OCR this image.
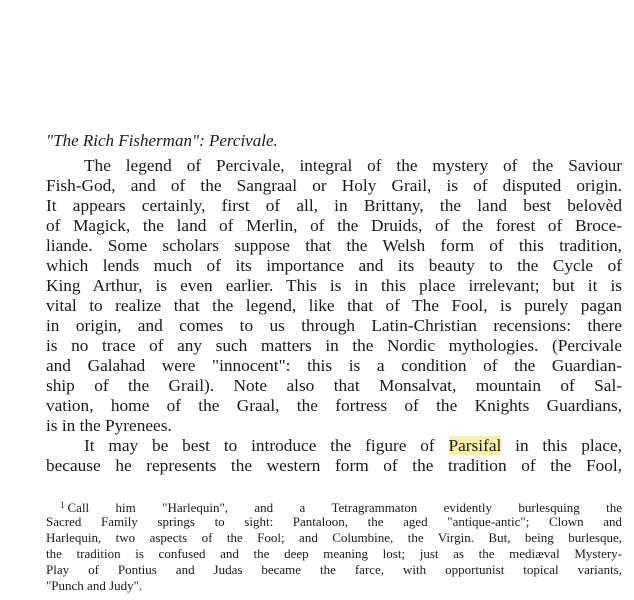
"The Rich Fisherman": Percivale.
The legend of Percivale, integral of the mystery of the Saviour
Fish-God, and of the Sangraal or Holy Grail, is of disputed origin.
It appears certainly, first of all, in Brittany, the land best belovèd
of Magick, the land of Merlin, of the Druids, of the forest of Broce-
liande. Some scholars suppose that the Welsh form of this tradition,
which lends much of its importance and its beauty to the Cycle of
King Arthur, is even earlier. This is in this place irrelevant; but it is
vital to realize that the legend, like that of The Fool, is purely pagan
in origin, and comes to us through Latin-Christian recensions: there
is no trace of any such matters in the Nordic mythologies. (Percivale
and Galahad were "innocent": this is a condition of the Guardian-
ship of the Grail). Note also that Monsalvat, mountain of Sal-
vation, home of the Graal, the fortress of the Knights Guardians,
is in the Pyrenees.
It may be best to introduce the figure of Parsifal in this place,
because he represents the western form of the tradition of the Fool,
$^1$ Call him "Harlequin", and a Tetragrammaton evidently burlesquing the
Sacred Family springs to sight: Pantaloon, the aged "antique-antic"; Clown and
Harlequin, two aspects of the Fool; and Columbine, the Virgin. But, being burlesque,
the tradition is confused and the deep meaning lost; just as the mediæval Mystery-
Play of Pontius and Judas became the farce, with opportunist topical variants,
"Punch and Judy".
